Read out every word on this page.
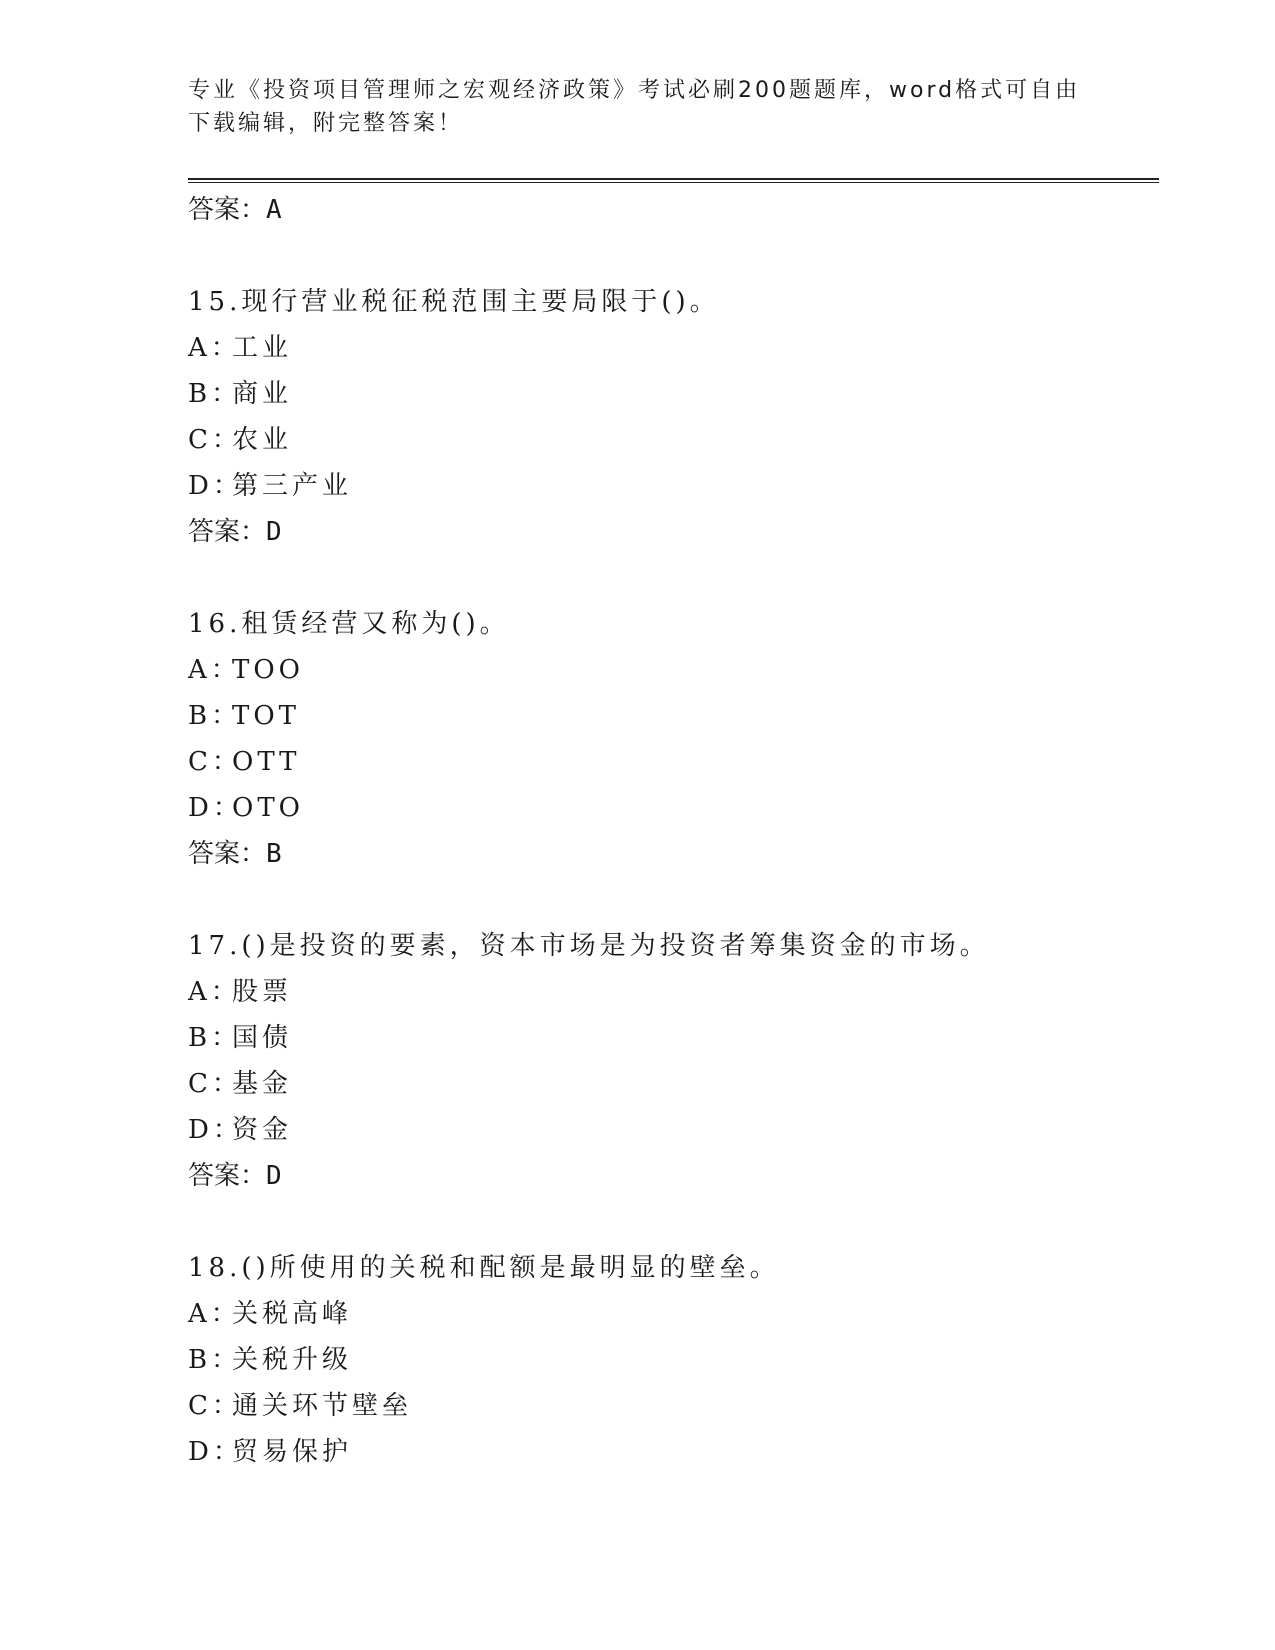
专业《投资项目管理师之宏观经济政策》考试必刷200题题库，word格式可自由
下载编辑，附完整答案！
答案：A
15.现行营业税征税范围主要局限于()。
A：工业
B：商业
C：农业
D：第三产业
答案：D
16.租赁经营又称为()。
A：TOO
B：TOT
C：OTT
D：OTO
答案：B
17.()是投资的要素，资本市场是为投资者筹集资金的市场。
A：股票
B：国债
C：基金
D：资金
答案：D
18.()所使用的关税和配额是最明显的壁垒。
A：关税高峰
B：关税升级
C：通关环节壁垒
D：贸易保护
